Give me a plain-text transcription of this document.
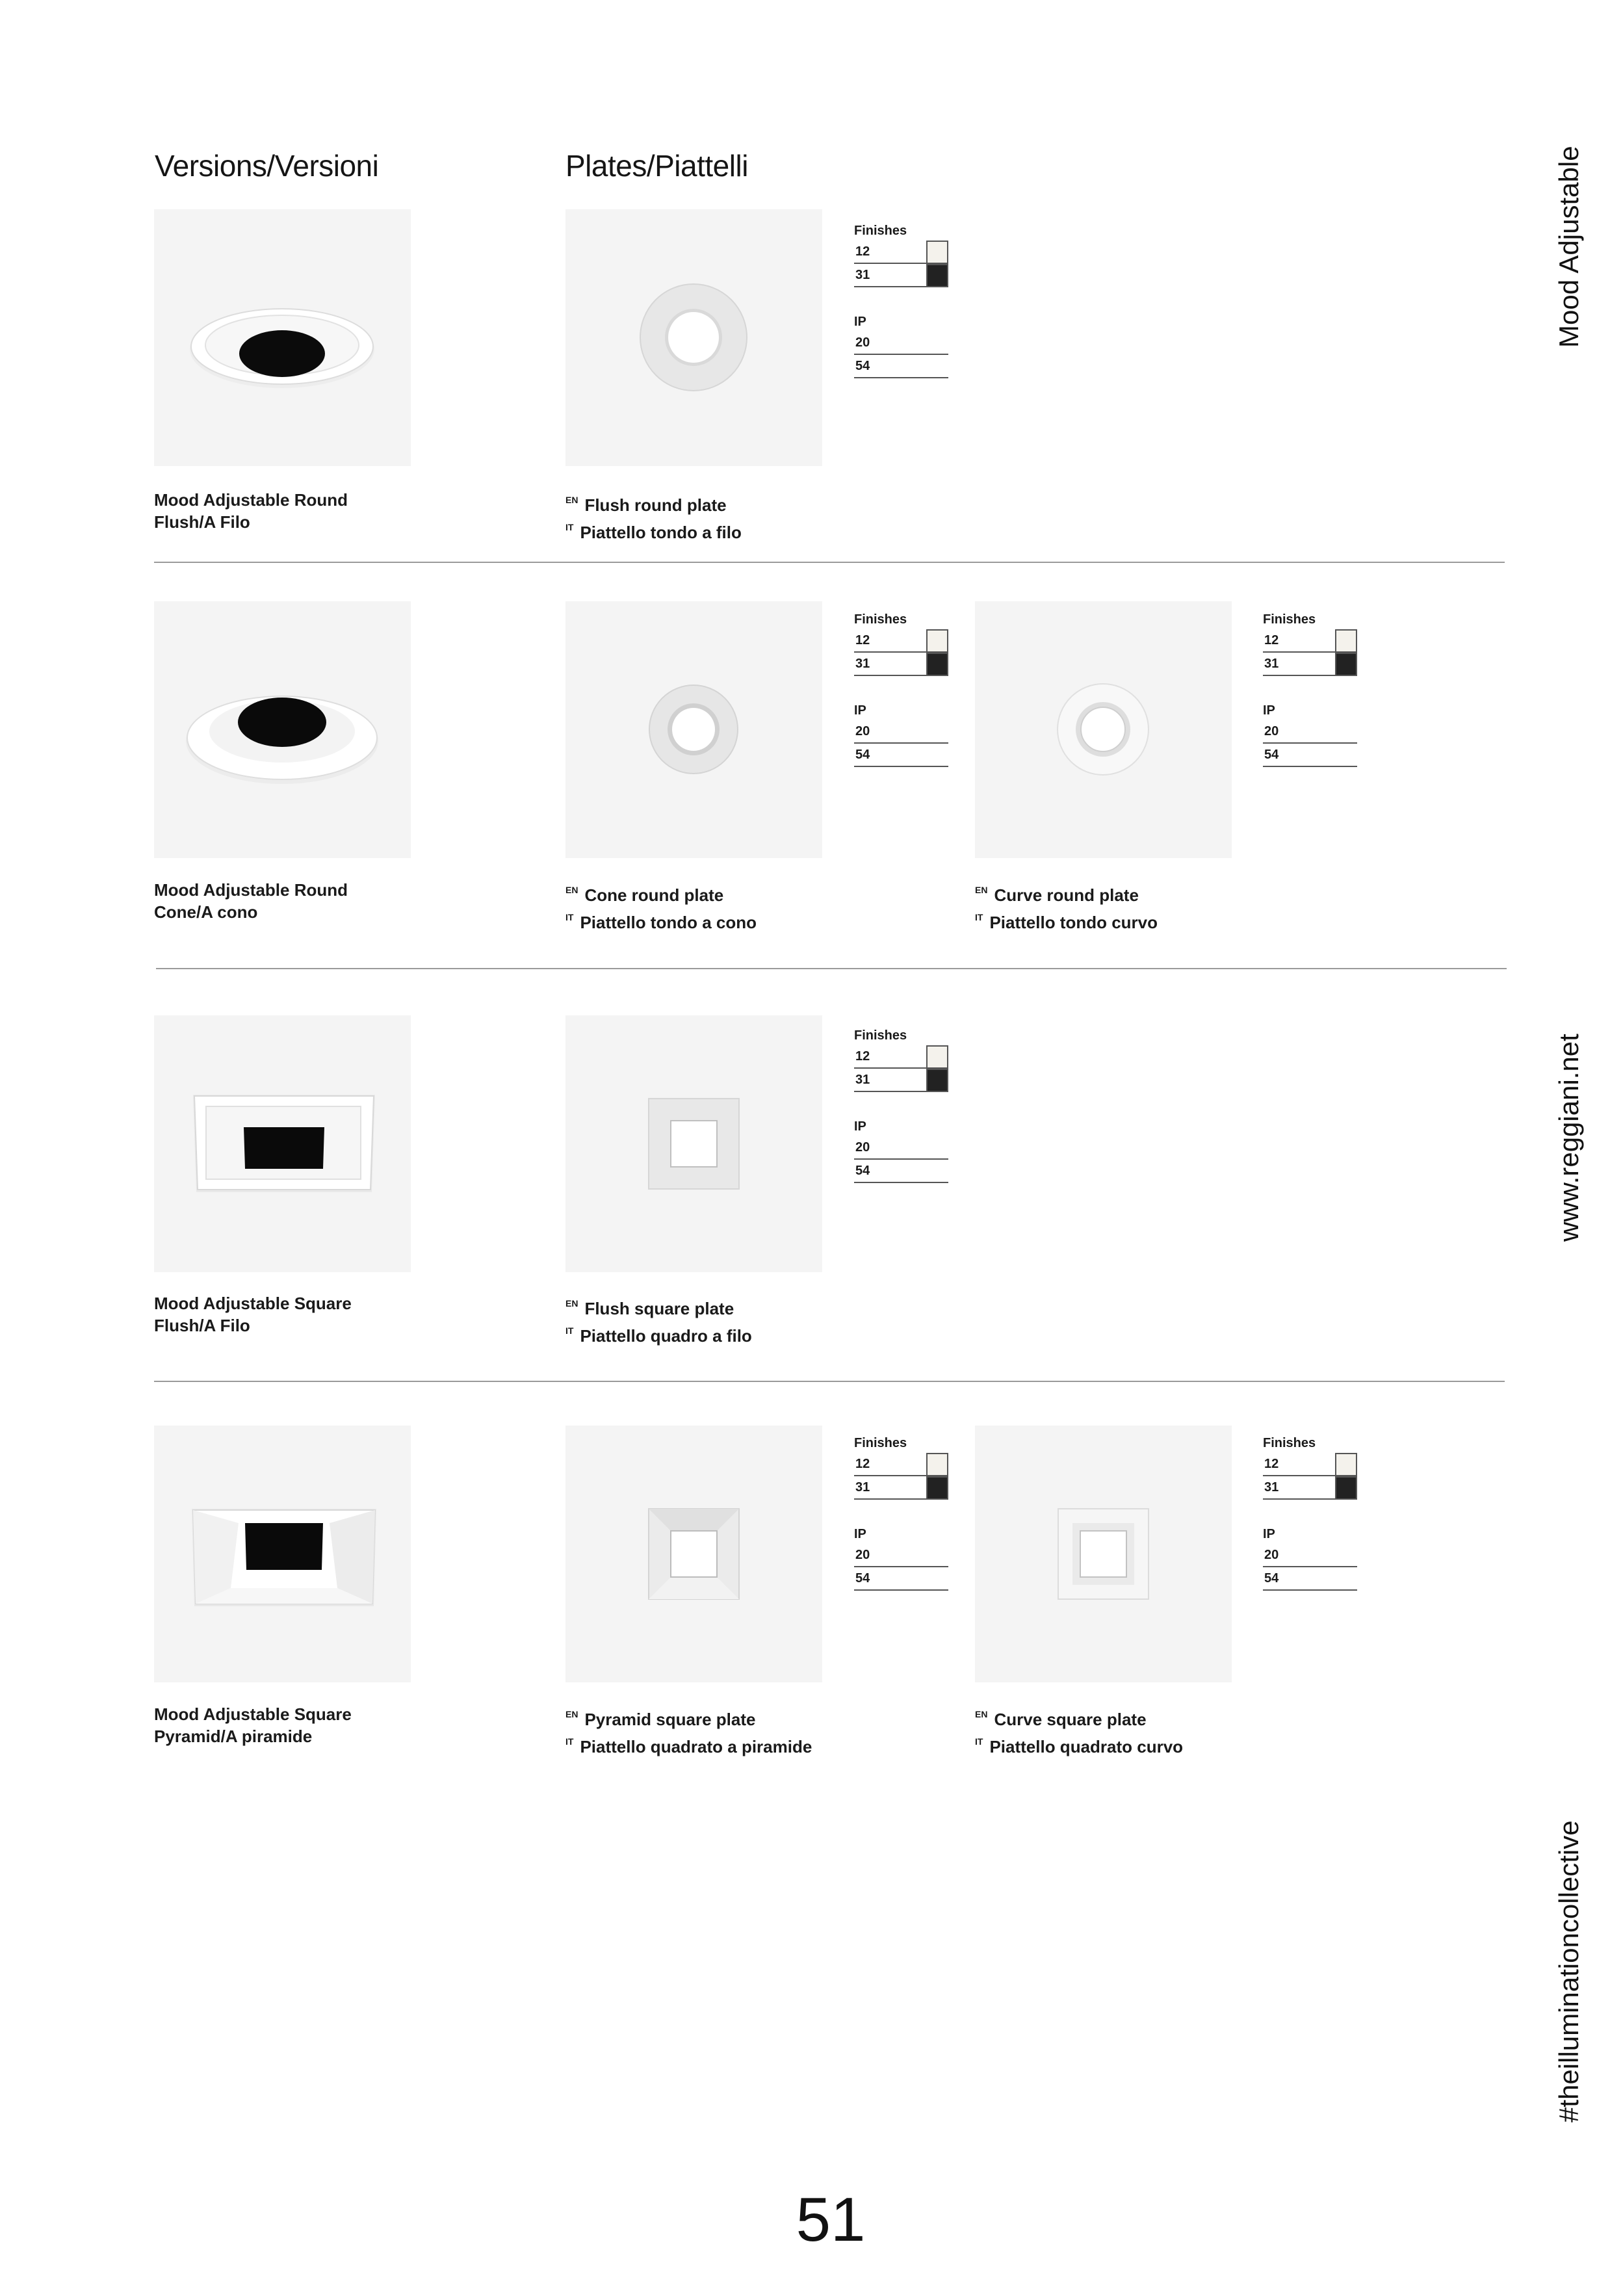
Versions/Versioni	Plates/Piattelli	Mood Adjustable
www.reggiani.net
#theilluminationcollective
Mood Adjustable Round
Flush/A Filo
$^{EN}$ Flush round plate
$^{IT}$ Piattello tondo a filo
Finishes
12
31
IP
20
54
Mood Adjustable Round
Cone/A cono
$^{EN}$ Cone round plate
$^{IT}$ Piattello tondo a cono
Finishes
12
31
IP
20
54
$^{EN}$ Curve round plate
$^{IT}$ Piattello tondo curvo
Finishes
12
31
IP
20
54
Mood Adjustable Square
Flush/A Filo
$^{EN}$ Flush square plate
$^{IT}$ Piattello quadro a filo
Finishes
12
31
IP
20
54
Mood Adjustable Square
Pyramid/A piramide
$^{EN}$ Pyramid square plate
$^{IT}$ Piattello quadrato a piramide
Finishes
12
31
IP
20
54
$^{EN}$ Curve square plate
$^{IT}$ Piattello quadrato curvo
Finishes
12
31
IP
20
54
51
